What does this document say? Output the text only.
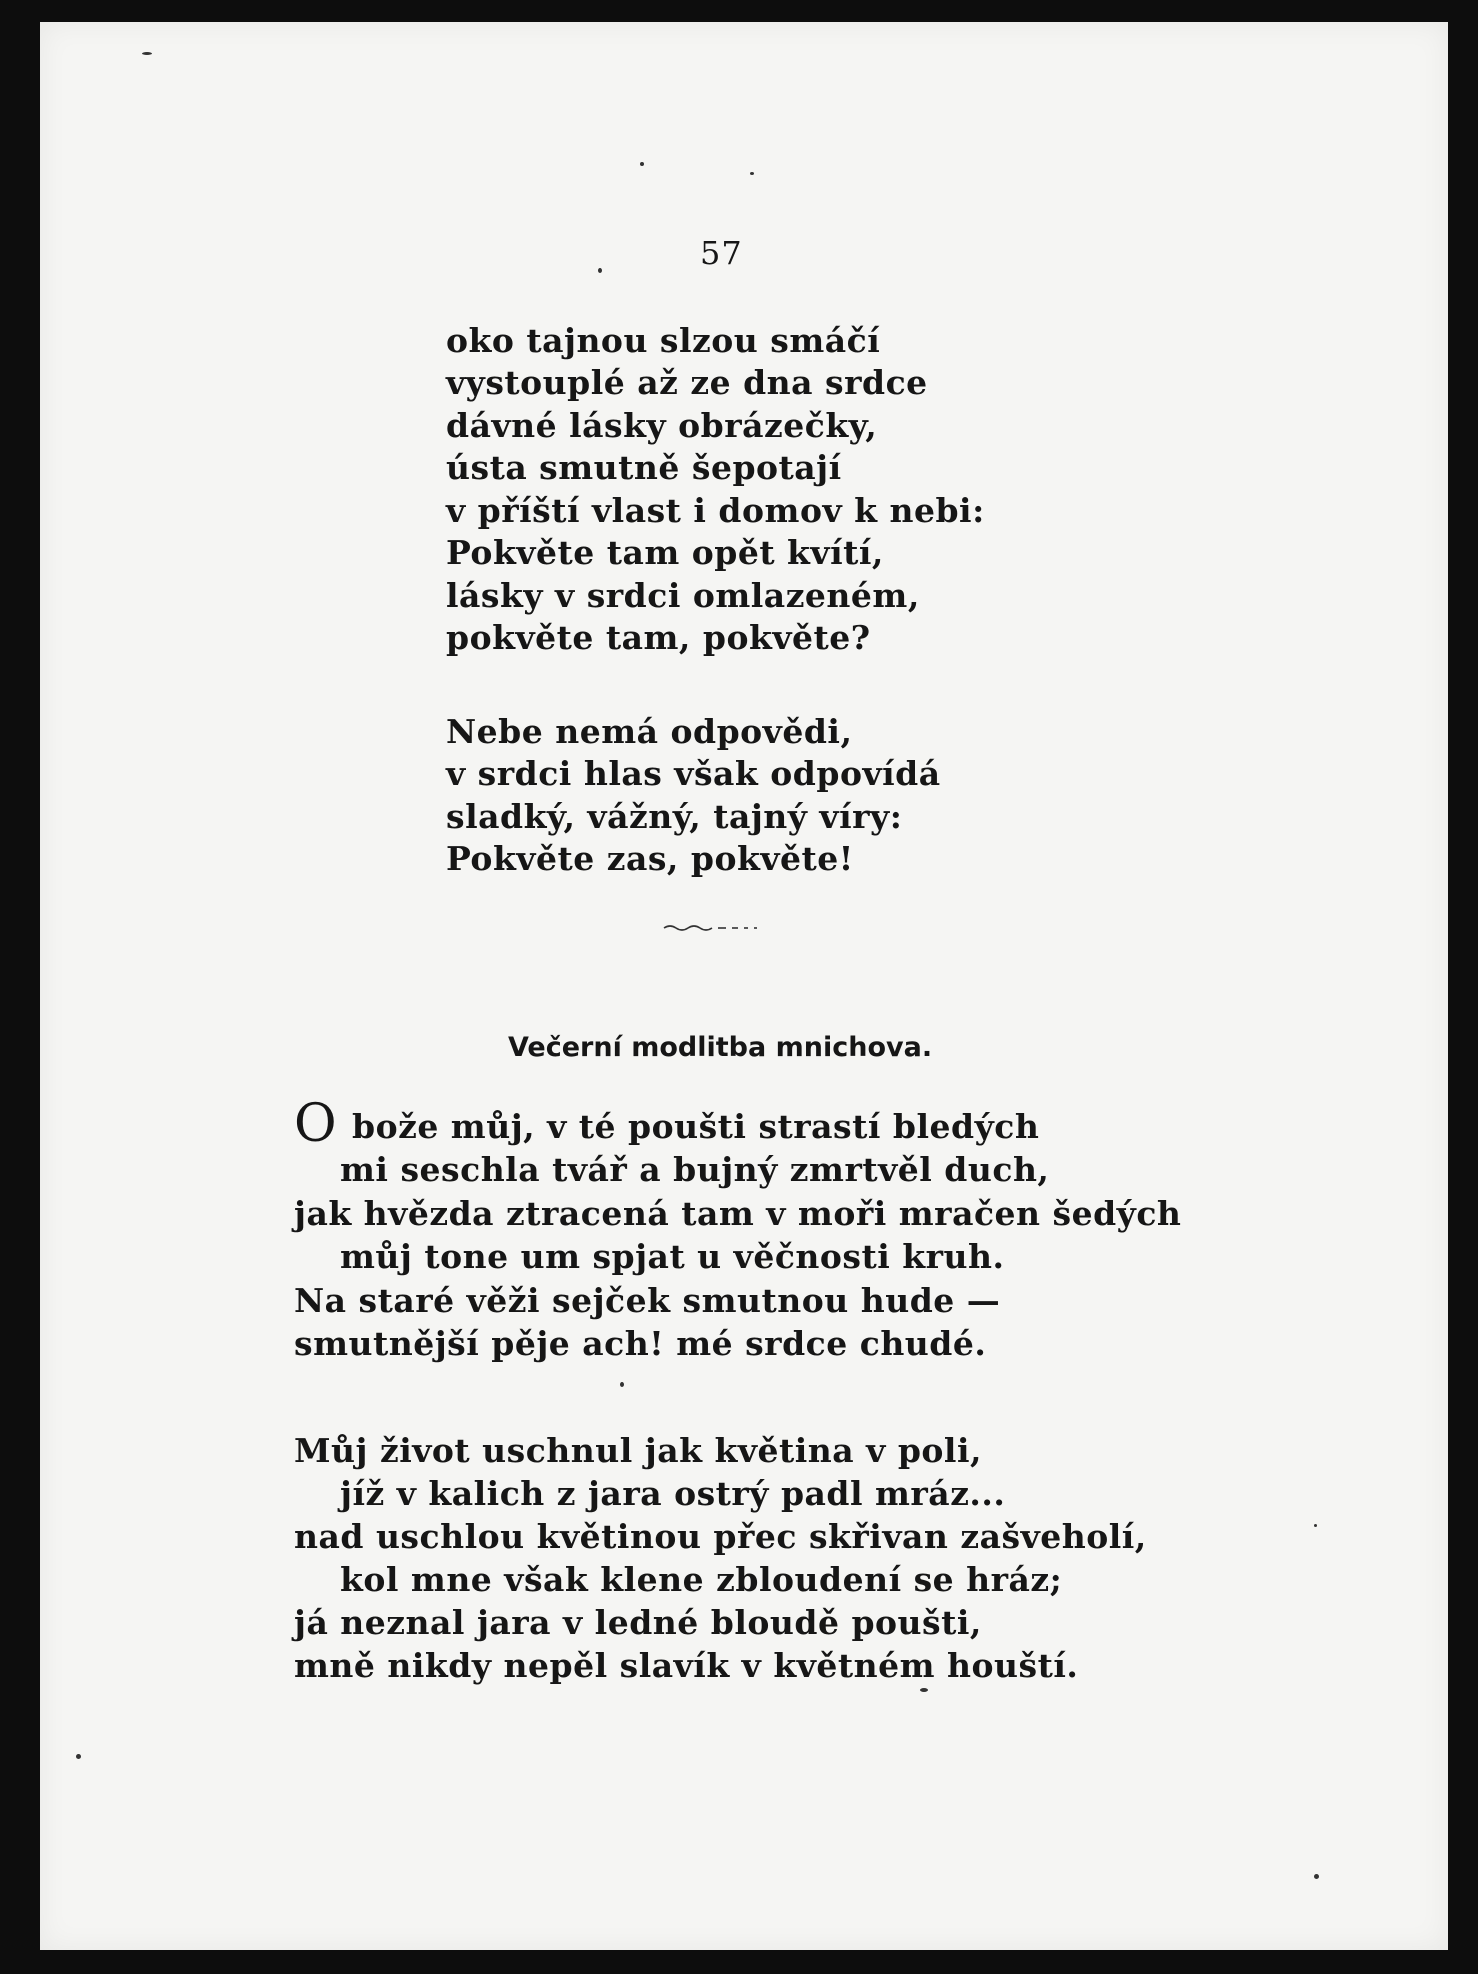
57
oko tajnou slzou smáčí
vystouplé až ze dna srdce
dávné lásky obrázečky,
ústa smutně šepotají
v příští vlast i domov k nebi:
Pokvěte tam opět kvítí,
lásky v srdci omlazeném,
pokvěte tam, pokvěte?
Nebe nemá odpovědi,
v srdci hlas však odpovídá
sladký, vážný, tajný víry:
Pokvěte zas, pokvěte!
Večerní modlitba mnichova.
O bože můj, v té poušti strastí bledých
mi seschla tvář a bujný zmrtvěl duch,
jak hvězda ztracená tam v moři mračen šedých
můj tone um spjat u věčnosti kruh.
Na staré věži sejček smutnou hude —
smutnější pěje ach! mé srdce chudé.
Můj život uschnul jak květina v poli,
jíž v kalich z jara ostrý padl mráz...
nad uschlou květinou přec skřivan zašveholí,
kol mne však klene zbloudení se hráz;
já neznal jara v ledné bloudě poušti,
mně nikdy nepěl slavík v květném houští.
